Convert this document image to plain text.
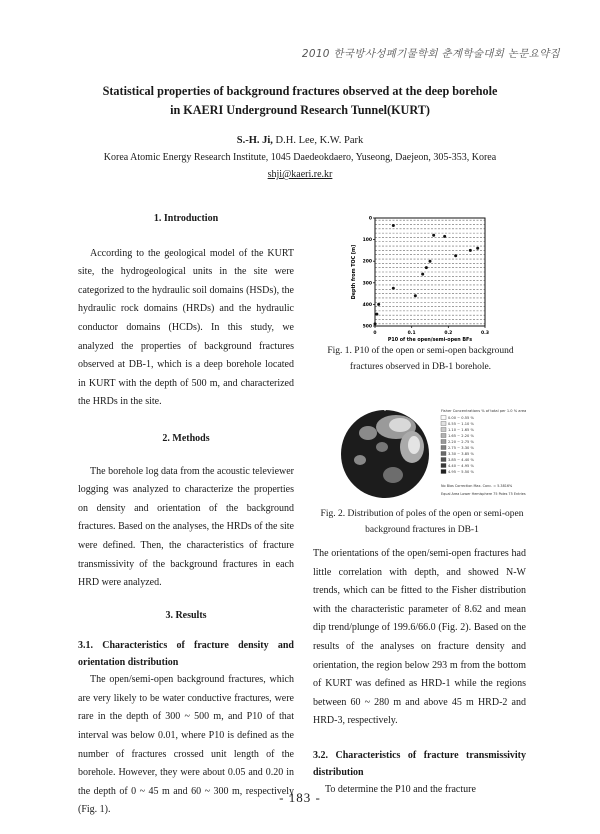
2010 한국방사성폐기물학회 춘계학술대회 논문요약집
Statistical properties of background fractures observed at the deep borehole
in KAERI Underground Research Tunnel(KURT)
S.-H. Ji, D.H. Lee, K.W. Park
Korea Atomic Energy Research Institute, 1045 Daedeokdaero, Yuseong, Daejeon, 305-353, Korea
shji@kaeri.re.kr
1. Introduction

According to the geological model of the KURT site, the hydrogeological units in the site were categorized to the hydraulic soil domains (HSDs), the hydraulic rock domains (HRDs) and the hydraulic conductor domains (HCDs). In this study, we analyzed the properties of background fractures observed at DB-1, which is a deep borehole located in KURT with the depth of 500 m, and characterized the HRDs in the site.

2. Methods

The borehole log data from the acoustic televiewer logging was analyzed to characterize the properties on density and orientation of the background fractures. Based on the analyses, the HRDs of the site were defined. Then, the characteristics of fracture transmissivity of the background fractures in each HRD were analyzed.

3. Results
3.1. Characteristics of fracture density and orientation distribution

The open/semi-open background fractures, which are very likely to be water conductive fractures, were rare in the depth of 300 ~ 500 m, and P10 of that interval was below 0.01, where P10 is defined as the number of fractures crossed unit length of the borehole. However, they were about 0.05 and 0.20 in the depth of 0 ~ 45 m and 60 ~ 300 m, respectively (Fig. 1).

0
100
200
300
400
500
0	0.1	0.2	0.3
P10 of the open/semi-open BFs
Depth from TOC [m]
Fig. 1. P10 of the open or semi-open background fractures observed in DB-1 borehole.
Fisher Concentrations % of total per 1.0 % area
0.00 ~ 0.55 %
0.55 ~ 1.10 %
1.10 ~ 1.65 %
1.65 ~ 2.20 %
2.20 ~ 2.75 %
2.75 ~ 3.30 %
3.30 ~ 3.85 %
3.85 ~ 4.40 %
4.40 ~ 4.95 %
4.95 ~ 5.50 %
No Bias Correction Max. Conc. = 5.3816%
Equal Area Lower Hemisphere 75 Poles 75 Entries
Fig. 2. Distribution of poles of the open or semi-open background fractures in DB-1

The orientations of the open/semi-open fractures had little correlation with depth, and showed N-W trends, which can be fitted to the Fisher distribution with the characteristic parameter of 8.62 and mean dip trend/plunge of 199.6/66.0 (Fig. 2). Based on the results of the analyses on fracture density and orientation, the region below 293 m from the bottom of KURT was defined as HRD-1 while the regions between 60 ~ 280 m and above 45 m HRD-2 and HRD-3, respectively.

3.2. Characteristics of fracture transmissivity distribution

To determine the P10 and the fracture

- 183 -
